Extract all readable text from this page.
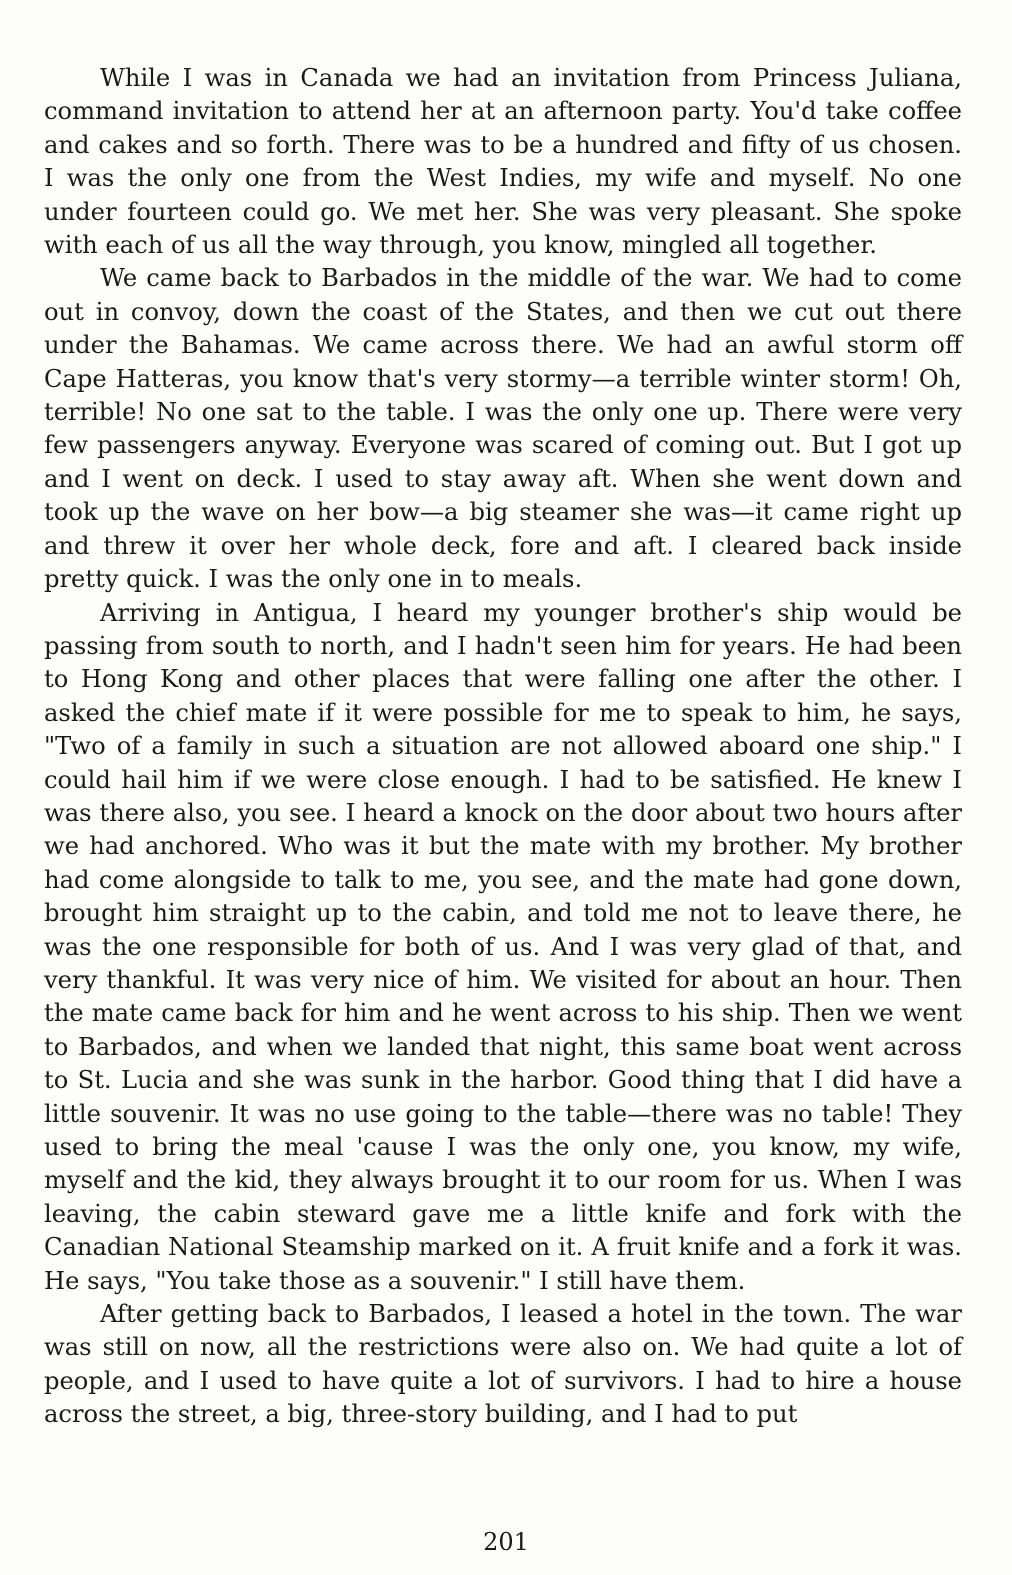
While I was in Canada we had an invitation from Princess Juliana, command invitation to attend her at an afternoon party. You'd take coffee and cakes and so forth. There was to be a hundred and fifty of us chosen. I was the only one from the West Indies, my wife and myself. No one under fourteen could go. We met her. She was very pleasant. She spoke with each of us all the way through, you know, mingled all together.

We came back to Barbados in the middle of the war. We had to come out in convoy, down the coast of the States, and then we cut out there under the Bahamas. We came across there. We had an awful storm off Cape Hatteras, you know that's very stormy—a terrible winter storm! Oh, terrible! No one sat to the table. I was the only one up. There were very few passengers anyway. Everyone was scared of coming out. But I got up and I went on deck. I used to stay away aft. When she went down and took up the wave on her bow—a big steamer she was—it came right up and threw it over her whole deck, fore and aft. I cleared back inside pretty quick. I was the only one in to meals.

Arriving in Antigua, I heard my younger brother's ship would be passing from south to north, and I hadn't seen him for years. He had been to Hong Kong and other places that were falling one after the other. I asked the chief mate if it were possible for me to speak to him, he says, "Two of a family in such a situation are not allowed aboard one ship." I could hail him if we were close enough. I had to be satisfied. He knew I was there also, you see. I heard a knock on the door about two hours after we had anchored. Who was it but the mate with my brother. My brother had come alongside to talk to me, you see, and the mate had gone down, brought him straight up to the cabin, and told me not to leave there, he was the one responsible for both of us. And I was very glad of that, and very thankful. It was very nice of him. We visited for about an hour. Then the mate came back for him and he went across to his ship. Then we went to Barbados, and when we landed that night, this same boat went across to St. Lucia and she was sunk in the harbor. Good thing that I did have a little souvenir. It was no use going to the table—there was no table! They used to bring the meal 'cause I was the only one, you know, my wife, myself and the kid, they always brought it to our room for us. When I was leaving, the cabin steward gave me a little knife and fork with the Canadian National Steamship marked on it. A fruit knife and a fork it was. He says, "You take those as a souvenir." I still have them.

After getting back to Barbados, I leased a hotel in the town. The war was still on now, all the restrictions were also on. We had quite a lot of people, and I used to have quite a lot of survivors. I had to hire a house across the street, a big, three-story building, and I had to put

201
